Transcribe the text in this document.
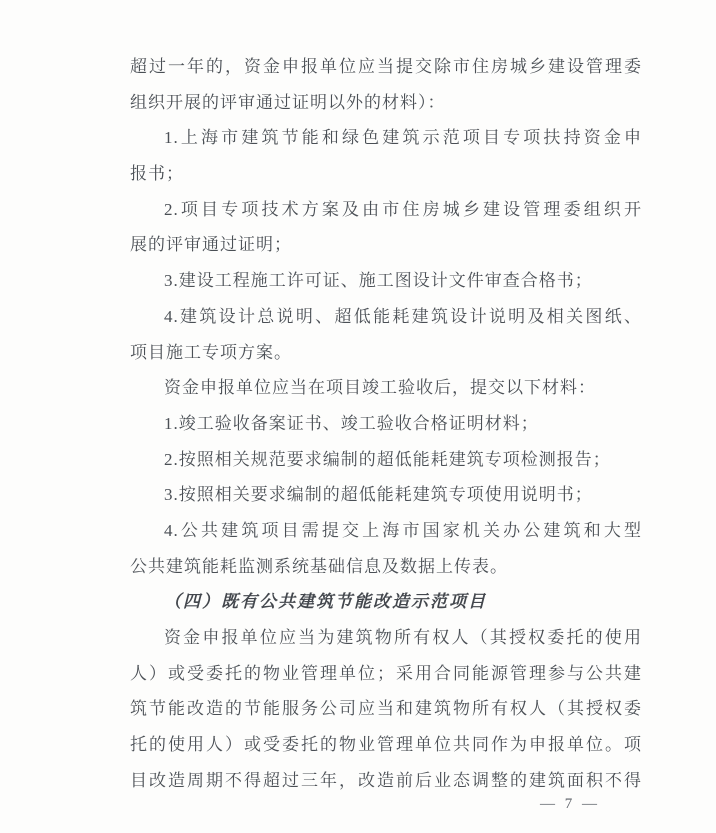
超过一年的，资金申报单位应当提交除市住房城乡建设管理委
组织开展的评审通过证明以外的材料）：
1.上海市建筑节能和绿色建筑示范项目专项扶持资金申
报书；
2.项目专项技术方案及由市住房城乡建设管理委组织开
展的评审通过证明；
3.建设工程施工许可证、施工图设计文件审查合格书；
4.建筑设计总说明、超低能耗建筑设计说明及相关图纸、
项目施工专项方案。
资金申报单位应当在项目竣工验收后，提交以下材料：
1.竣工验收备案证书、竣工验收合格证明材料；
2.按照相关规范要求编制的超低能耗建筑专项检测报告；
3.按照相关要求编制的超低能耗建筑专项使用说明书；
4.公共建筑项目需提交上海市国家机关办公建筑和大型
公共建筑能耗监测系统基础信息及数据上传表。
（四）既有公共建筑节能改造示范项目
资金申报单位应当为建筑物所有权人（其授权委托的使用
人）或受委托的物业管理单位；采用合同能源管理参与公共建
筑节能改造的节能服务公司应当和建筑物所有权人（其授权委
托的使用人）或受委托的物业管理单位共同作为申报单位。项
目改造周期不得超过三年，改造前后业态调整的建筑面积不得
— 7 —
